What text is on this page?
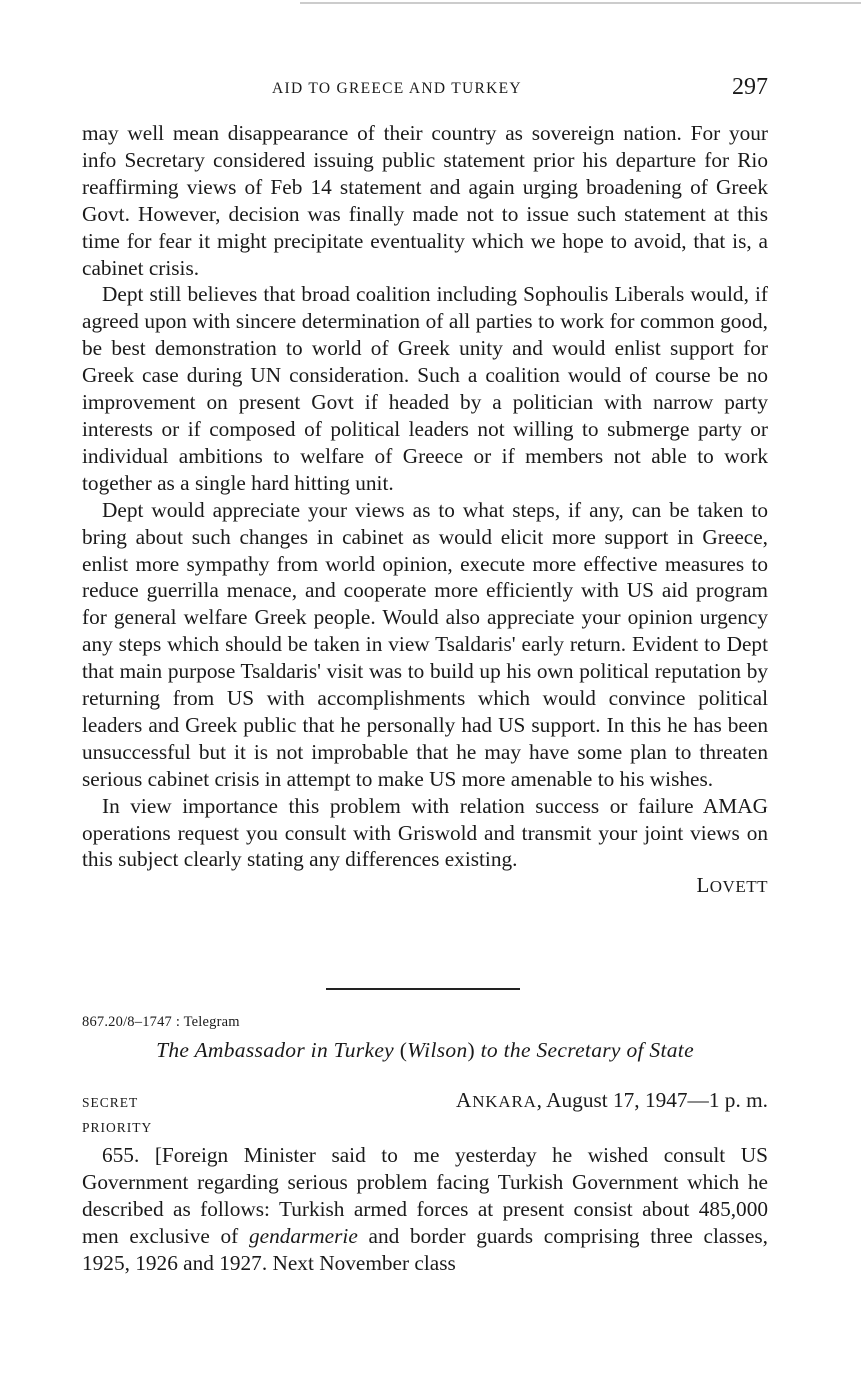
AID TO GREECE AND TURKEY	297

may well mean disappearance of their country as sovereign nation. For your info Secretary considered issuing public statement prior his departure for Rio reaffirming views of Feb 14 statement and again urging broadening of Greek Govt. However, decision was finally made not to issue such statement at this time for fear it might precipitate eventuality which we hope to avoid, that is, a cabinet crisis.

Dept still believes that broad coalition including Sophoulis Liberals would, if agreed upon with sincere determination of all parties to work for common good, be best demonstration to world of Greek unity and would enlist support for Greek case during UN consideration. Such a coalition would of course be no improvement on present Govt if headed by a politician with narrow party interests or if composed of political leaders not willing to submerge party or individual ambitions to welfare of Greece or if members not able to work together as a single hard hitting unit.

Dept would appreciate your views as to what steps, if any, can be taken to bring about such changes in cabinet as would elicit more support in Greece, enlist more sympathy from world opinion, execute more effective measures to reduce guerrilla menace, and cooperate more efficiently with US aid program for general welfare Greek people. Would also appreciate your opinion urgency any steps which should be taken in view Tsaldaris' early return. Evident to Dept that main purpose Tsaldaris' visit was to build up his own political reputation by returning from US with accomplishments which would convince political leaders and Greek public that he personally had US support. In this he has been unsuccessful but it is not improbable that he may have some plan to threaten serious cabinet crisis in attempt to make US more amenable to his wishes.

In view importance this problem with relation success or failure AMAG operations request you consult with Griswold and transmit your joint views on this subject clearly stating any differences existing.

LOVETT
867.20/8–1747 : Telegram
The Ambassador in Turkey (Wilson) to the Secretary of State
SECRET
PRIORITY
ANKARA, August 17, 1947—1 p. m.

655. [Foreign Minister said to me yesterday he wished consult US Government regarding serious problem facing Turkish Government which he described as follows: Turkish armed forces at present consist about 485,000 men exclusive of gendarmerie and border guards comprising three classes, 1925, 1926 and 1927. Next November class
